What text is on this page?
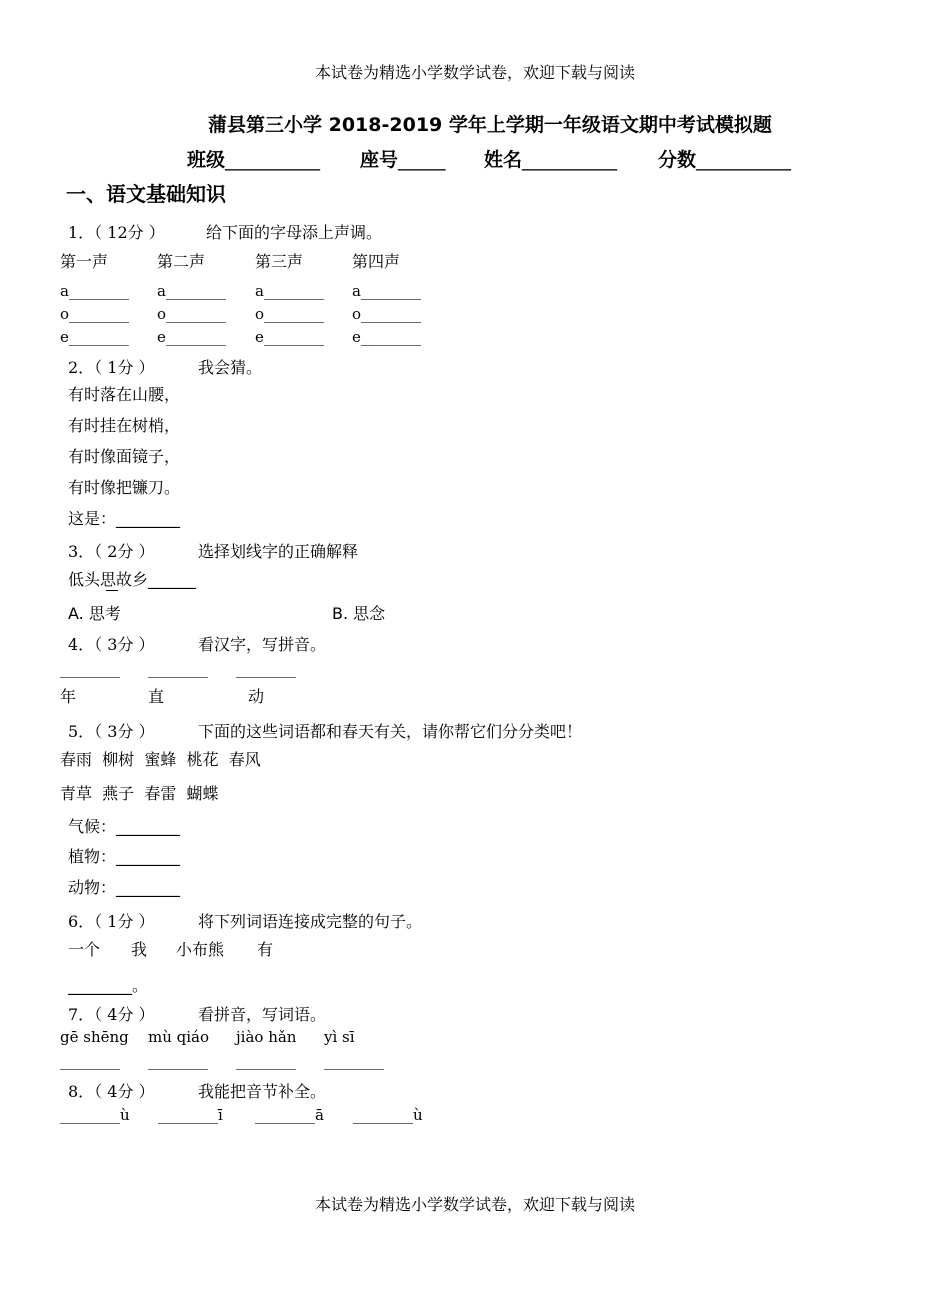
本试卷为精选小学数学试卷，欢迎下载与阅读
蒲县第三小学 2018-2019 学年上学期一年级语文期中考试模拟题
班级__________ 座号_____ 姓名__________ 分数__________
一、语文基础知识
1．（ 12分 ）	给下面的字母添上声调。
第一声	第二声	第三声	第四声
a________ a________ a________ a________
o________ o________ o________ o________
e________ e________ e________ e________
2．（ 1分 ）	我会猜。
有时落在山腰，
有时挂在树梢，
有时像面镜子，
有时像把镰刀。
这是：________
3．（ 2分 ）	选择划线字的正确解释
低头思故乡______
A. 思考	B. 思念
4．（ 3分 ）	看汉字，写拼音。
________ ________ ________
年	直	动
5．（ 3分 ）	下面的这些词语都和春天有关，请你帮它们分分类吧！
春雨  柳树  蜜蜂  桃花  春风
青草  燕子  春雷  蝴蝶
气候：________
植物：________
动物：________
6．（ 1分 ）	将下列词语连接成完整的句子。
一个 我 小布熊 有
________。
7．（ 4分 ）	看拼音，写词语。
gē shēng mù qiáo jiào hǎn yì sī
________ ________ ________ ________
8．（ 4分 ）	我能把音节补全。
________ù ________ī ________ā ________ù
本试卷为精选小学数学试卷，欢迎下载与阅读
